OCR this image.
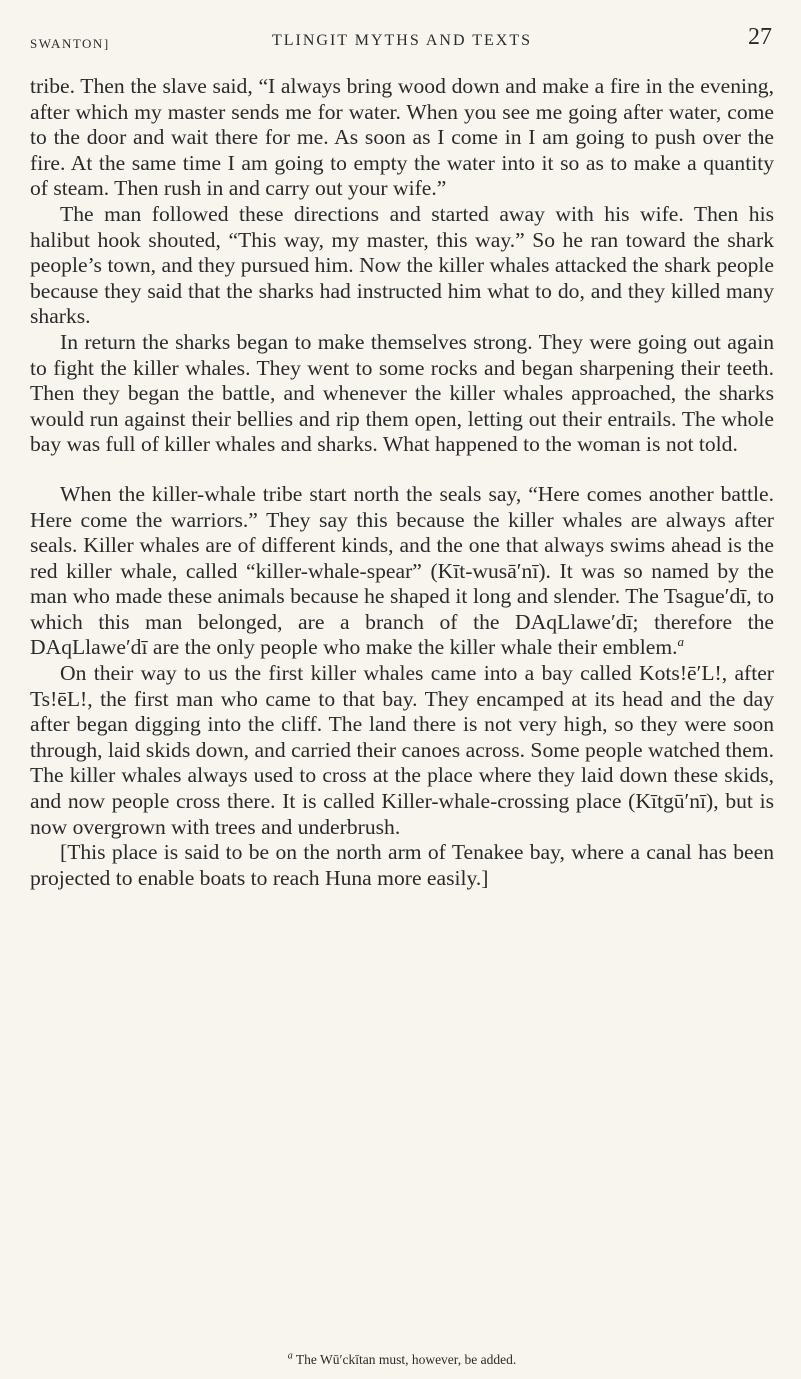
SWANTON]	TLINGIT MYTHS AND TEXTS	27

tribe. Then the slave said, “I always bring wood down and make a fire in the evening, after which my master sends me for water. When you see me going after water, come to the door and wait there for me. As soon as I come in I am going to push over the fire. At the same time I am going to empty the water into it so as to make a quantity of steam. Then rush in and carry out your wife.”

The man followed these directions and started away with his wife. Then his halibut hook shouted, “This way, my master, this way.” So he ran toward the shark people’s town, and they pursued him. Now the killer whales attacked the shark people because they said that the sharks had instructed him what to do, and they killed many sharks.

In return the sharks began to make themselves strong. They were going out again to fight the killer whales. They went to some rocks and began sharpening their teeth. Then they began the battle, and whenever the killer whales approached, the sharks would run against their bellies and rip them open, letting out their entrails. The whole bay was full of killer whales and sharks. What happened to the woman is not told.

When the killer-whale tribe start north the seals say, “Here comes another battle. Here come the warriors.” They say this because the killer whales are always after seals. Killer whales are of different kinds, and the one that always swims ahead is the red killer whale, called “killer-whale-spear” (Kīt-wusā′nī). It was so named by the man who made these animals because he shaped it long and slender. The Tsague′dī, to which this man belonged, are a branch of the DAqLlawe′dī; therefore the DAqLlawe′dī are the only people who make the killer whale their emblem.$^a$

On their way to us the first killer whales came into a bay called Kots!ē′L!, after Ts!ēL!, the first man who came to that bay. They encamped at its head and the day after began digging into the cliff. The land there is not very high, so they were soon through, laid skids down, and carried their canoes across. Some people watched them. The killer whales always used to cross at the place where they laid down these skids, and now people cross there. It is called Killer-whale-crossing place (Kītgū′nī), but is now overgrown with trees and underbrush.

[This place is said to be on the north arm of Tenakee bay, where a canal has been projected to enable boats to reach Huna more easily.]

$^a$ The Wū′ckītan must, however, be added.
